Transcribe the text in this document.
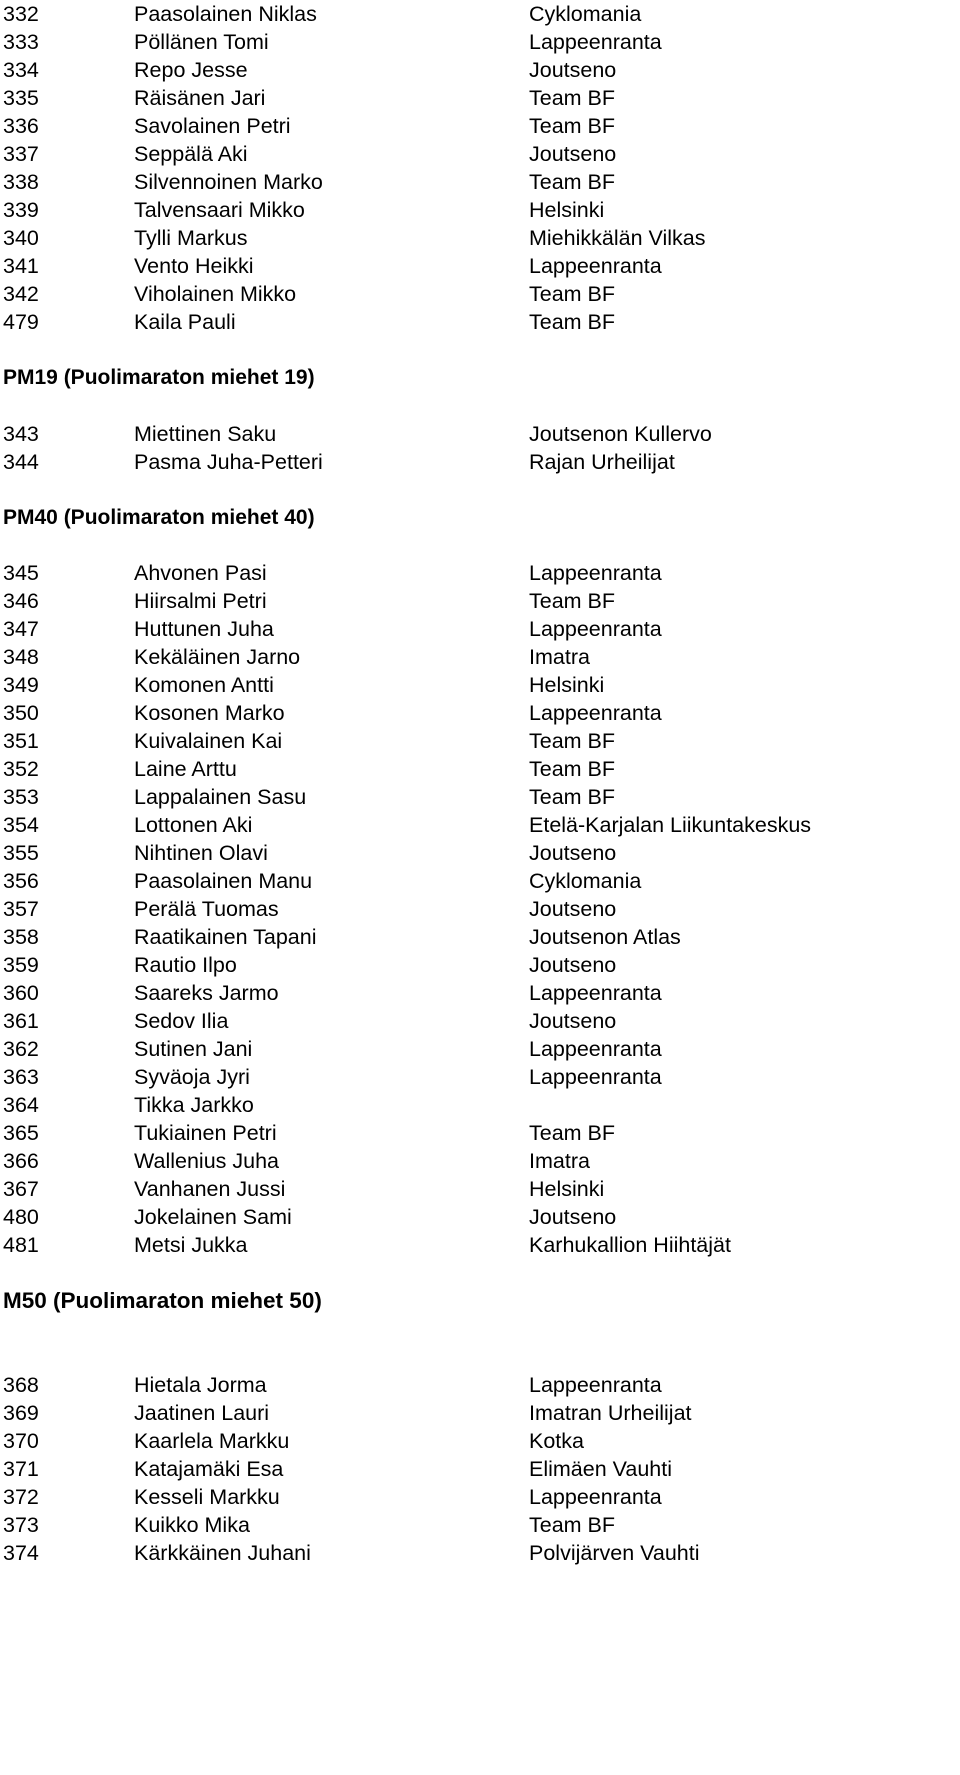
332	Paasolainen Niklas	Cyklomania
333	Pöllänen Tomi	Lappeenranta
334	Repo Jesse	Joutseno
335	Räisänen Jari	Team BF
336	Savolainen Petri	Team BF
337	Seppälä Aki	Joutseno
338	Silvennoinen Marko	Team BF
339	Talvensaari Mikko	Helsinki
340	Tylli Markus	Miehikkälän Vilkas
341	Vento Heikki	Lappeenranta
342	Viholainen Mikko	Team BF
479	Kaila Pauli	Team BF
PM19 (Puolimaraton miehet 19)
343	Miettinen Saku	Joutsenon Kullervo
344	Pasma Juha-Petteri	Rajan Urheilijat
PM40 (Puolimaraton miehet 40)
345	Ahvonen Pasi	Lappeenranta
346	Hiirsalmi Petri	Team BF
347	Huttunen Juha	Lappeenranta
348	Kekäläinen Jarno	Imatra
349	Komonen Antti	Helsinki
350	Kosonen Marko	Lappeenranta
351	Kuivalainen Kai	Team BF
352	Laine Arttu	Team BF
353	Lappalainen Sasu	Team BF
354	Lottonen Aki	Etelä-Karjalan Liikuntakeskus
355	Nihtinen Olavi	Joutseno
356	Paasolainen Manu	Cyklomania
357	Perälä Tuomas	Joutseno
358	Raatikainen Tapani	Joutsenon Atlas
359	Rautio Ilpo	Joutseno
360	Saareks Jarmo	Lappeenranta
361	Sedov Ilia	Joutseno
362	Sutinen Jani	Lappeenranta
363	Syväoja Jyri	Lappeenranta
364	Tikka Jarkko
365	Tukiainen Petri	Team BF
366	Wallenius Juha	Imatra
367	Vanhanen Jussi	Helsinki
480	Jokelainen Sami	Joutseno
481	Metsi Jukka	Karhukallion Hiihtäjät
M50 (Puolimaraton miehet 50)
368	Hietala Jorma	Lappeenranta
369	Jaatinen Lauri	Imatran Urheilijat
370	Kaarlela Markku	Kotka
371	Katajamäki Esa	Elimäen Vauhti
372	Kesseli Markku	Lappeenranta
373	Kuikko Mika	Team BF
374	Kärkkäinen Juhani	Polvijärven Vauhti
